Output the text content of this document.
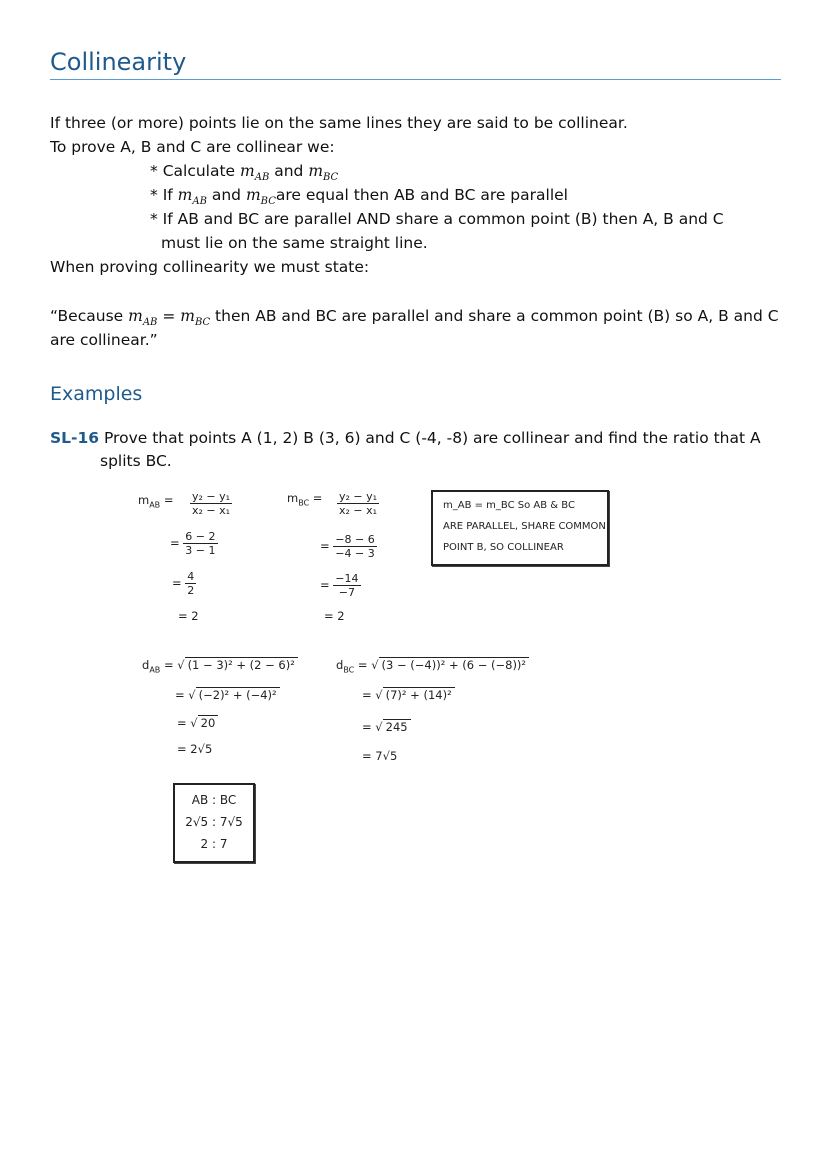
Collinearity
If three (or more) points lie on the same lines they are said to be collinear.
To prove A, B and C are collinear we:
* Calculate $m_{AB}$ and $m_{BC}$
* If $m_{AB}$ and $m_{BC}are$ equal then AB and BC are parallel
* If AB and BC are parallel AND share a common point (B) then A, B and C
must lie on the same straight line.
When proving collinearity we must state:
“Because $m_{AB} = m_{BC}$ then AB and BC are parallel and share a common point (B) so A, B and C
are collinear.”
Examples
SL-16 Prove that points A (1, 2) B (3, 6) and C (-4, -8) are collinear and find the ratio that A
splits BC.
$m_{AB} = \frac{\text{y₂ − y₁}}{\text{x₂ − x₁}}$
= $\frac{6 - 2}{3 - 1}$
= $\frac{4}{2}$
= 2
$m_{BC} = \frac{\text{y₂ − y₁}}{\text{x₂ − x₁}}$
= $\frac{-8 - 6}{-4 - 3}$
= $\frac{-14}{-7}$
= 2
m_AB = m_BC So AB & BC
ARE PARALLEL, SHARE COMMON
POINT B, SO COLLINEAR
$d_{AB}$ = √ (1 − 3)² + (2 − 6)²
= √ (−2)² + (−4)²
= √ 20
= 2√5
$d_{BC}$ = √ (3 − (−4))² + (6 − (−8))²
= √ (7)² + (14)²
= √ 245
= 7√5
AB : BC
2√5 : 7√5
2 : 7
